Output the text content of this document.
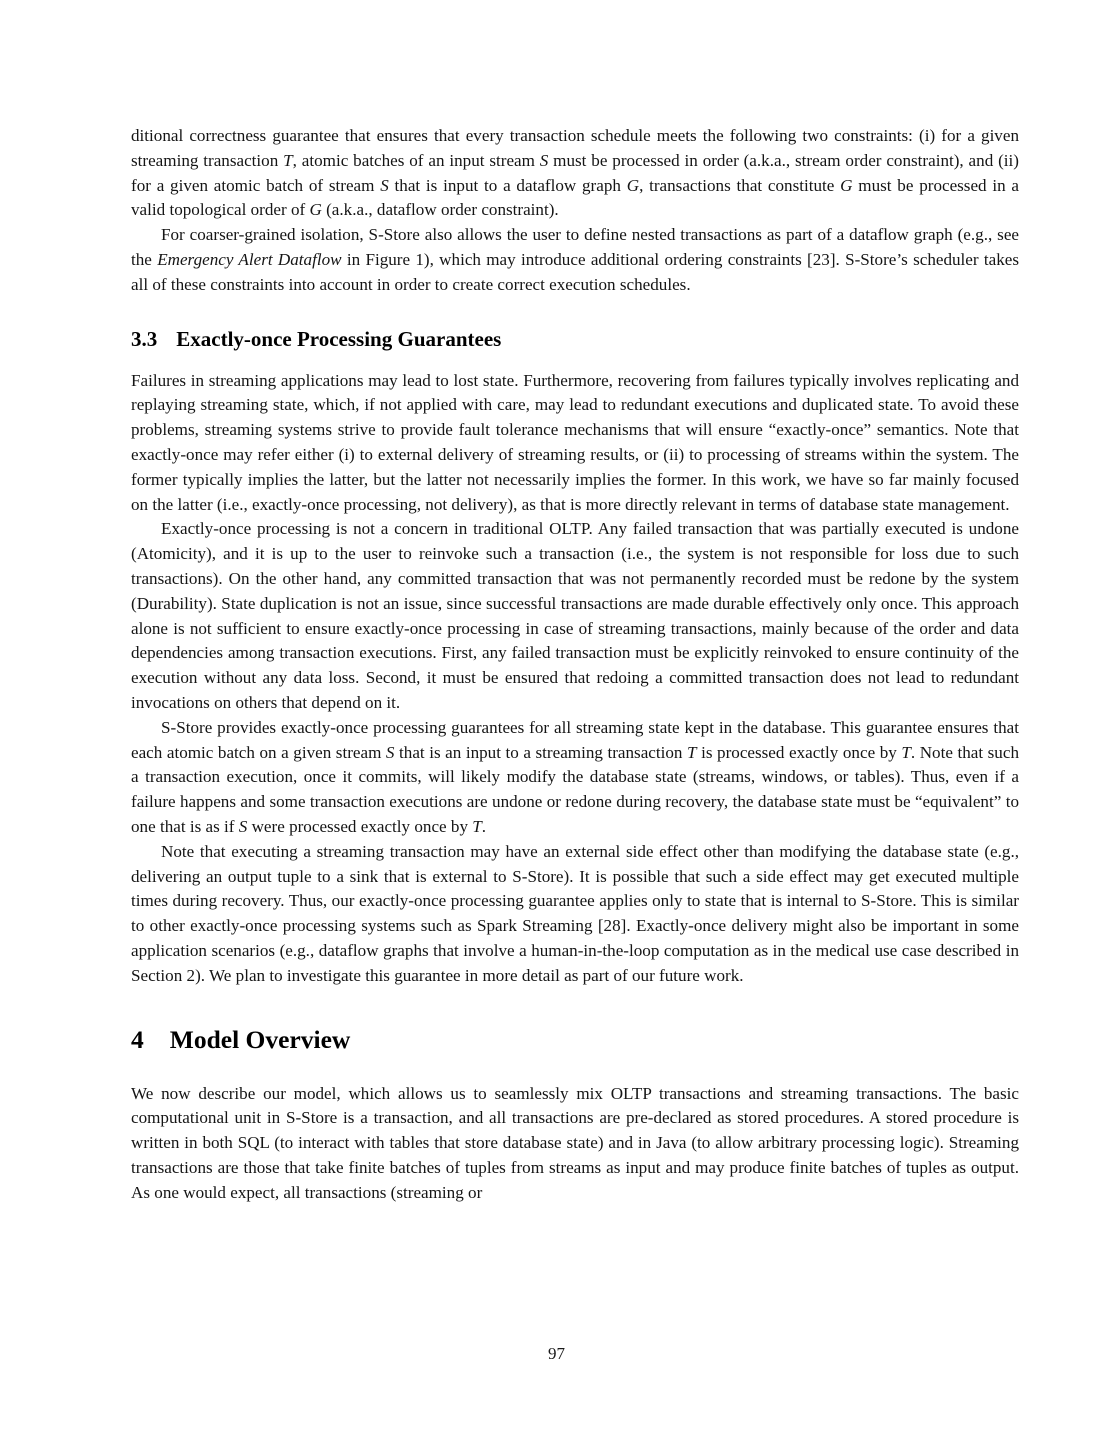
ditional correctness guarantee that ensures that every transaction schedule meets the following two constraints: (i) for a given streaming transaction T, atomic batches of an input stream S must be processed in order (a.k.a., stream order constraint), and (ii) for a given atomic batch of stream S that is input to a dataflow graph G, transactions that constitute G must be processed in a valid topological order of G (a.k.a., dataflow order constraint).

For coarser-grained isolation, S-Store also allows the user to define nested transactions as part of a dataflow graph (e.g., see the Emergency Alert Dataflow in Figure 1), which may introduce additional ordering constraints [23]. S-Store’s scheduler takes all of these constraints into account in order to create correct execution schedules.

3.3 Exactly-once Processing Guarantees

Failures in streaming applications may lead to lost state. Furthermore, recovering from failures typically involves replicating and replaying streaming state, which, if not applied with care, may lead to redundant executions and duplicated state. To avoid these problems, streaming systems strive to provide fault tolerance mechanisms that will ensure “exactly-once” semantics. Note that exactly-once may refer either (i) to external delivery of streaming results, or (ii) to processing of streams within the system. The former typically implies the latter, but the latter not necessarily implies the former. In this work, we have so far mainly focused on the latter (i.e., exactly-once processing, not delivery), as that is more directly relevant in terms of database state management.

Exactly-once processing is not a concern in traditional OLTP. Any failed transaction that was partially executed is undone (Atomicity), and it is up to the user to reinvoke such a transaction (i.e., the system is not responsible for loss due to such transactions). On the other hand, any committed transaction that was not permanently recorded must be redone by the system (Durability). State duplication is not an issue, since successful transactions are made durable effectively only once. This approach alone is not sufficient to ensure exactly-once processing in case of streaming transactions, mainly because of the order and data dependencies among transaction executions. First, any failed transaction must be explicitly reinvoked to ensure continuity of the execution without any data loss. Second, it must be ensured that redoing a committed transaction does not lead to redundant invocations on others that depend on it.

S-Store provides exactly-once processing guarantees for all streaming state kept in the database. This guarantee ensures that each atomic batch on a given stream S that is an input to a streaming transaction T is processed exactly once by T. Note that such a transaction execution, once it commits, will likely modify the database state (streams, windows, or tables). Thus, even if a failure happens and some transaction executions are undone or redone during recovery, the database state must be “equivalent” to one that is as if S were processed exactly once by T.

Note that executing a streaming transaction may have an external side effect other than modifying the database state (e.g., delivering an output tuple to a sink that is external to S-Store). It is possible that such a side effect may get executed multiple times during recovery. Thus, our exactly-once processing guarantee applies only to state that is internal to S-Store. This is similar to other exactly-once processing systems such as Spark Streaming [28]. Exactly-once delivery might also be important in some application scenarios (e.g., dataflow graphs that involve a human-in-the-loop computation as in the medical use case described in Section 2). We plan to investigate this guarantee in more detail as part of our future work.

4 Model Overview

We now describe our model, which allows us to seamlessly mix OLTP transactions and streaming transactions. The basic computational unit in S-Store is a transaction, and all transactions are pre-declared as stored procedures. A stored procedure is written in both SQL (to interact with tables that store database state) and in Java (to allow arbitrary processing logic). Streaming transactions are those that take finite batches of tuples from streams as input and may produce finite batches of tuples as output. As one would expect, all transactions (streaming or

97
